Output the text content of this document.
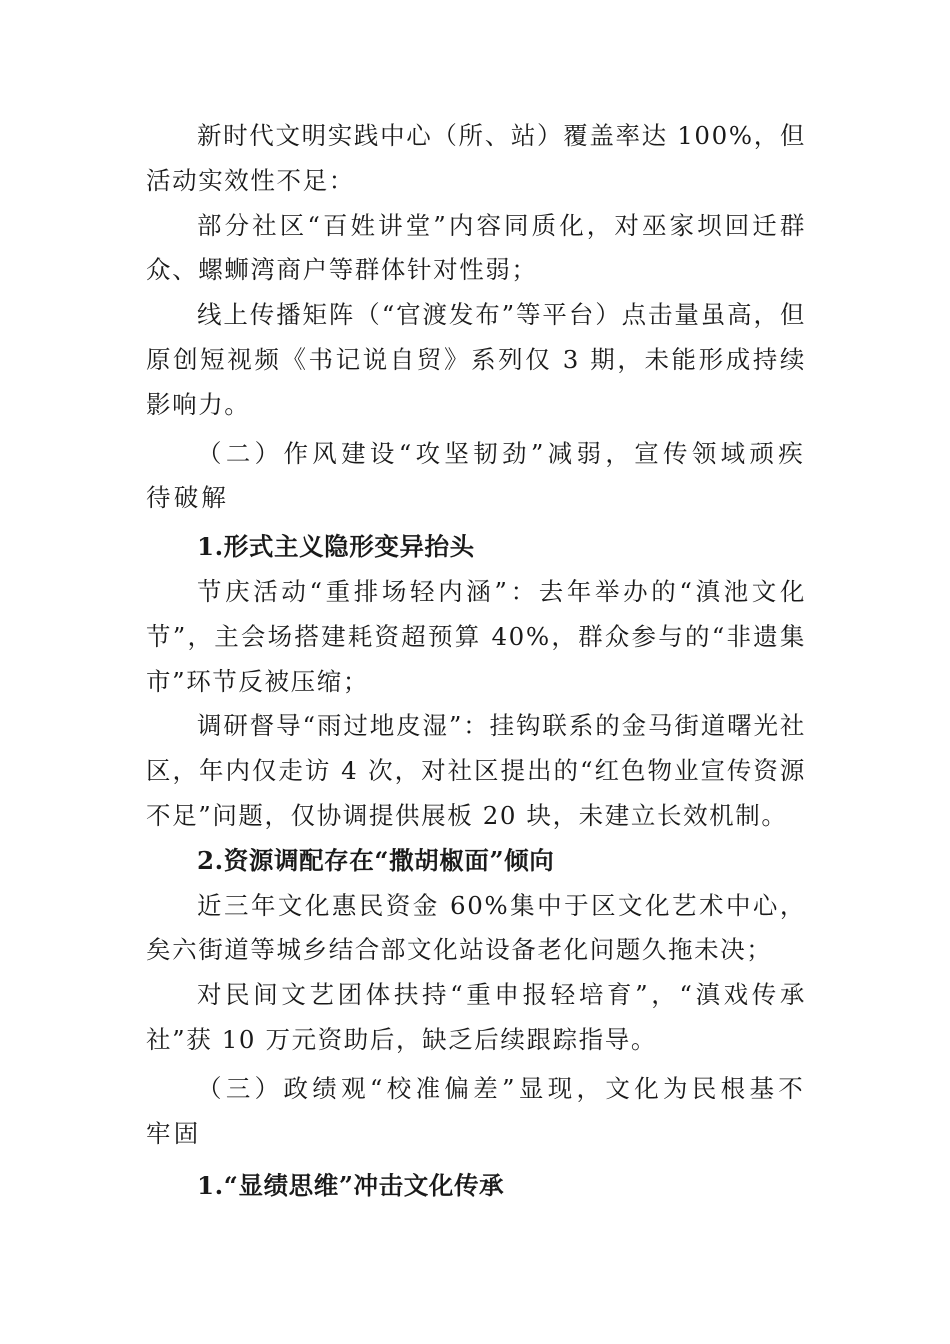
新时代文明实践中心（所、站）覆盖率达 100%，但活动实效性不足：

部分社区“百姓讲堂”内容同质化，对巫家坝回迁群众、螺蛳湾商户等群体针对性弱；

线上传播矩阵（“官渡发布”等平台）点击量虽高，但原创短视频《书记说自贸》系列仅 3 期，未能形成持续影响力。

（二）作风建设“攻坚韧劲”减弱，宣传领域顽疾待破解

1.形式主义隐形变异抬头

节庆活动“重排场轻内涵”：去年举办的“滇池文化节”，主会场搭建耗资超预算 40%，群众参与的“非遗集市”环节反被压缩；

调研督导“雨过地皮湿”：挂钩联系的金马街道曙光社区，年内仅走访 4 次，对社区提出的“红色物业宣传资源不足”问题，仅协调提供展板 20 块，未建立长效机制。

2.资源调配存在“撒胡椒面”倾向

近三年文化惠民资金 60%集中于区文化艺术中心，矣六街道等城乡结合部文化站设备老化问题久拖未决；

对民间文艺团体扶持“重申报轻培育”，“滇戏传承社”获 10 万元资助后，缺乏后续跟踪指导。

（三）政绩观“校准偏差”显现，文化为民根基不牢固

1.“显绩思维”冲击文化传承
